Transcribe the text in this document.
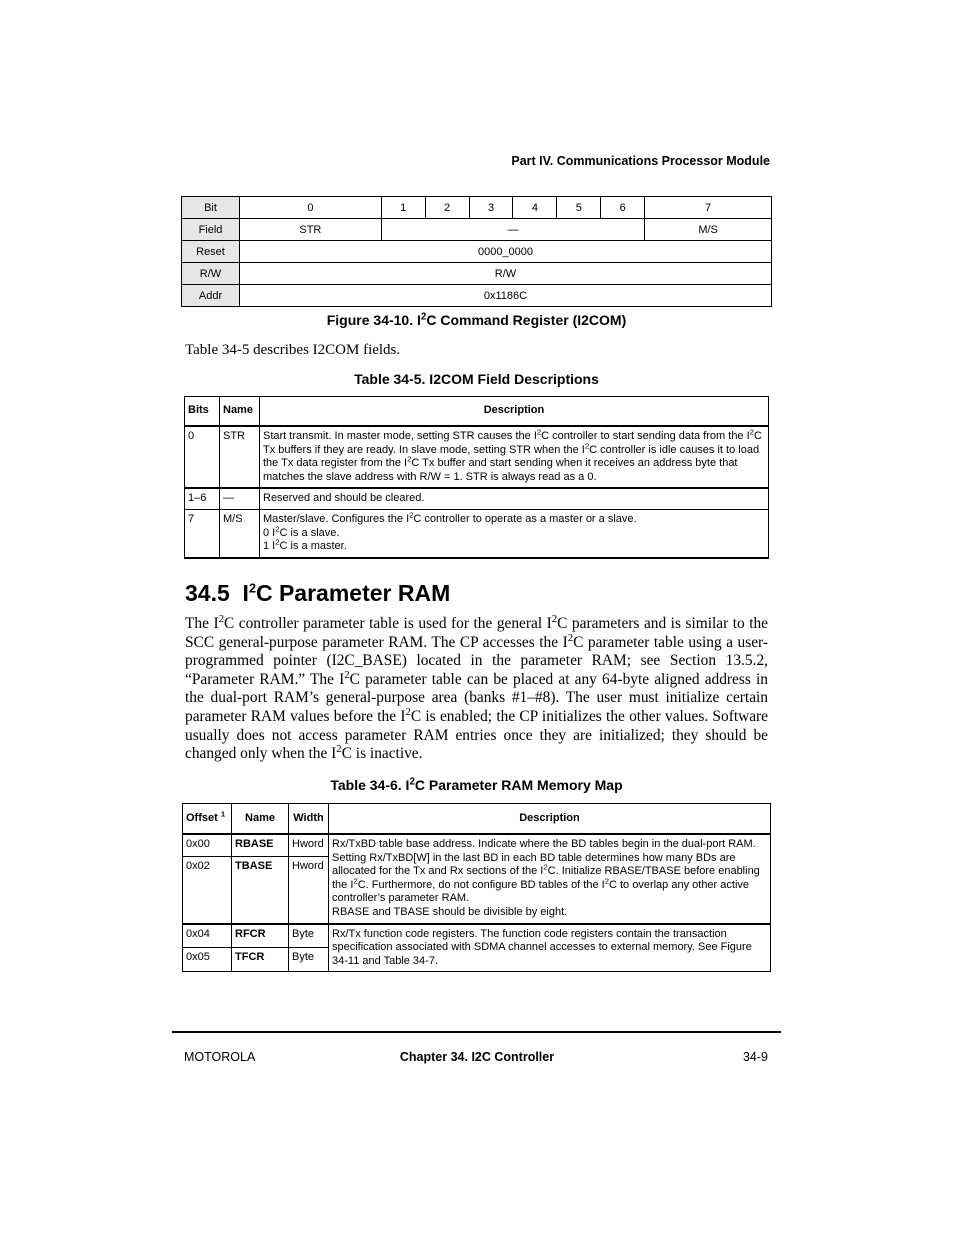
Part IV. Communications Processor Module
Bit	0	1	2	3	4	5	6	7
Field	STR	—						M/S
Reset	0000_0000							
R/W	R/W							
Addr	0x1186C							
Figure 34-10. $I^2C$ Command Register (I2COM)
Table 34-5 describes I2COM fields.
Table 34-5. I2COM Field Descriptions
Bits	Name	Description
0	STR	Start transmit. In master mode, setting STR causes the $I^2C$ controller to start sending data from the $I^2C$ Tx buffers if they are ready. In slave mode, setting STR when the $I^2C$ controller is idle causes it to load the Tx data register from the $I^2C$ Tx buffer and start sending when it receives an address byte that matches the slave address with R/W = 1. STR is always read as a 0.
1–6	—	Reserved and should be cleared.
7	M/S	Master/slave. Configures the $I^2C$ controller to operate as a master or a slave.
0 $I^2C$ is a slave.
1 $I^2C$ is a master.
34.5 $I^2C$ Parameter RAM

The $I^2C$ controller parameter table is used for the general $I^2C$ parameters and is similar to the SCC general-purpose parameter RAM. The CP accesses the $I^2C$ parameter table using a user-programmed pointer (I2C_BASE) located in the parameter RAM; see Section 13.5.2, “Parameter RAM.” The $I^2C$ parameter table can be placed at any 64-byte aligned address in the dual-port RAM’s general-purpose area (banks #1–#8). The user must initialize certain parameter RAM values before the $I^2C$ is enabled; the CP initializes the other values. Software usually does not access parameter RAM entries once they are initialized; they should be changed only when the $I^2C$ is inactive.

Table 34-6. $I^2C$ Parameter RAM Memory Map
Offset $^1$	Name	Width	Description
0x00	RBASE	Hword	Rx/TxBD table base address. Indicate where the BD tables begin in the dual-port RAM. Setting Rx/TxBD[W] in the last BD in each BD table determines how many BDs are allocated for the Tx and Rx sections of the $I^2C$. Initialize RBASE/TBASE before enabling the $I^2C$. Furthermore, do not configure BD tables of the $I^2C$ to overlap any other active controller’s parameter RAM.
RBASE and TBASE should be divisible by eight.
0x02	TBASE	Hword	
0x04	RFCR	Byte	Rx/Tx function code registers. The function code registers contain the transaction specification associated with SDMA channel accesses to external memory. See Figure 34-11 and Table 34-7.
0x05	TFCR	Byte	
MOTOROLA	Chapter 34. I2C Controller	34-9
